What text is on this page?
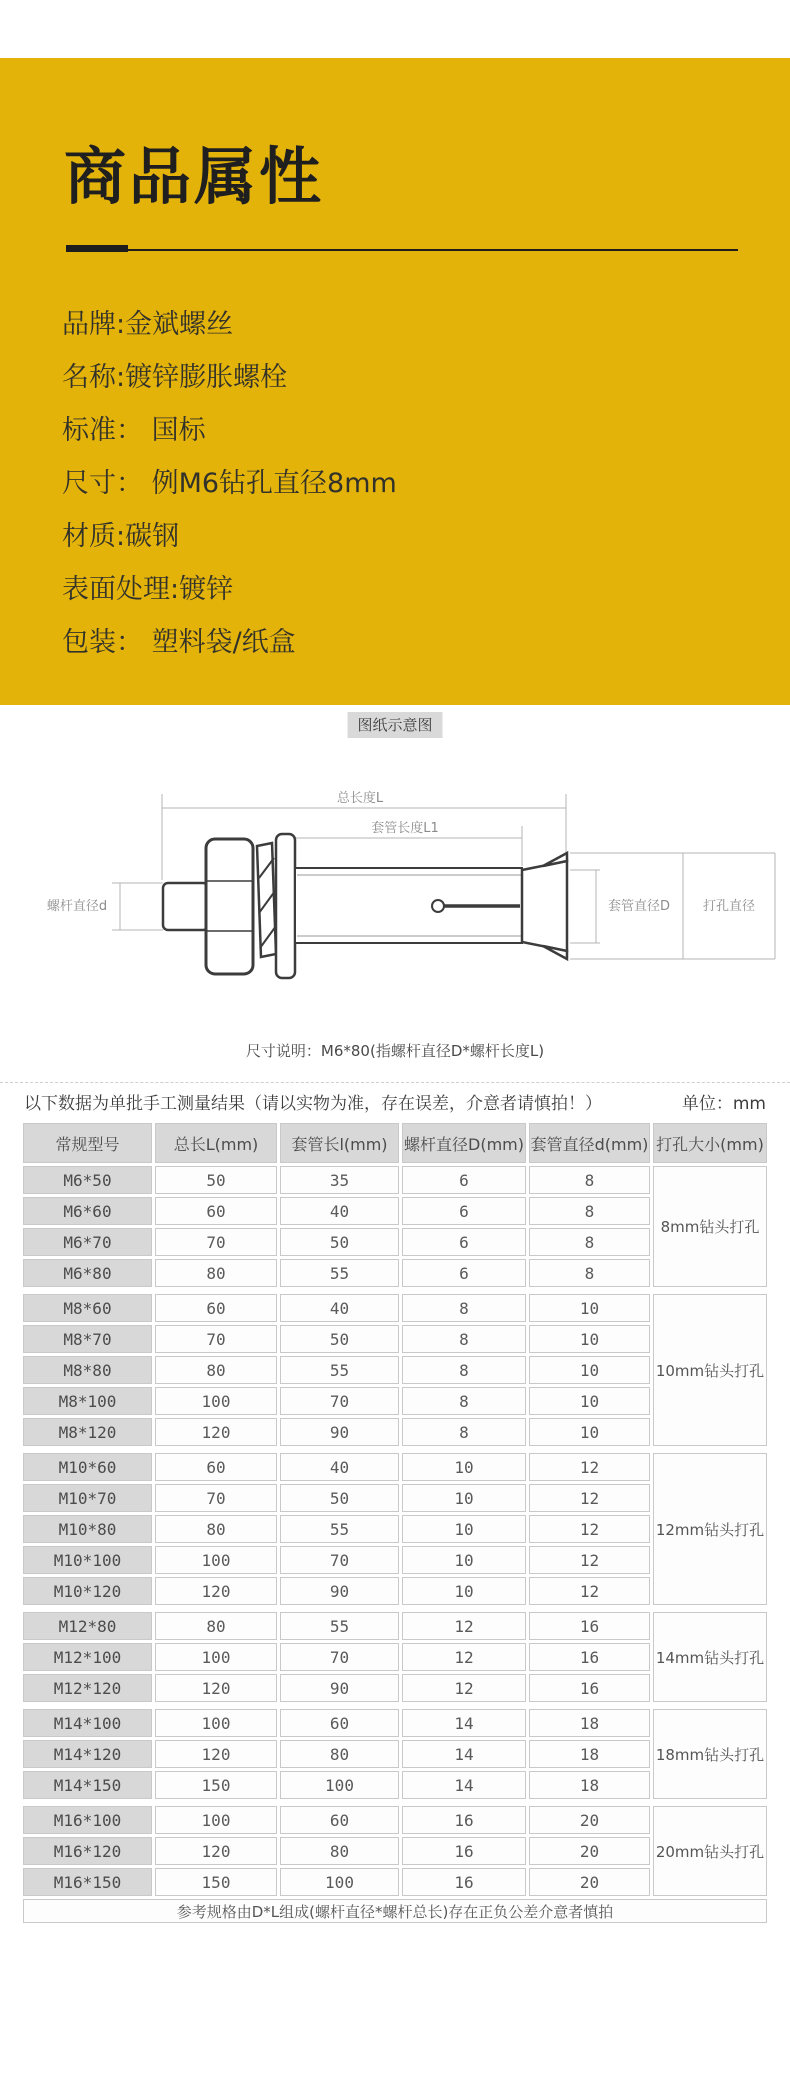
商品属性
品牌:金斌螺丝
名称:镀锌膨胀螺栓
标准： 国标
尺寸： 例M6钻孔直径8mm
材质:碳钢
表面处理:镀锌
包装： 塑料袋/纸盒
图纸示意图
总长度L
套管长度L1
螺杆直径d	套管直径D	打孔直径
尺寸说明：M6*80(指螺杆直径D*螺杆长度L)
以下数据为单批手工测量结果（请以实物为准，存在误差，介意者请慎拍！）	单位：mm
常规型号	总长L(mm)	套管长l(mm)	螺杆直径D(mm)	套管直径d(mm)	打孔大小(mm)
M6*50	50	35	6	8	8mm钻头打孔
M6*60	60	40	6	8	
M6*70	70	50	6	8	
M6*80	80	55	6	8	

M8*60	60	40	8	10	10mm钻头打孔
M8*70	70	50	8	10	
M8*80	80	55	8	10	
M8*100	100	70	8	10	
M8*120	120	90	8	10	

M10*60	60	40	10	12	12mm钻头打孔
M10*70	70	50	10	12	
M10*80	80	55	10	12	
M10*100	100	70	10	12	
M10*120	120	90	10	12	

M12*80	80	55	12	16	14mm钻头打孔
M12*100	100	70	12	16	
M12*120	120	90	12	16	

M14*100	100	60	14	18	18mm钻头打孔
M14*120	120	80	14	18	
M14*150	150	100	14	18	

M16*100	100	60	16	20	20mm钻头打孔
M16*120	120	80	16	20	
M16*150	150	100	16	20	
参考规格由D*L组成(螺杆直径*螺杆总长)存在正负公差介意者慎拍					
